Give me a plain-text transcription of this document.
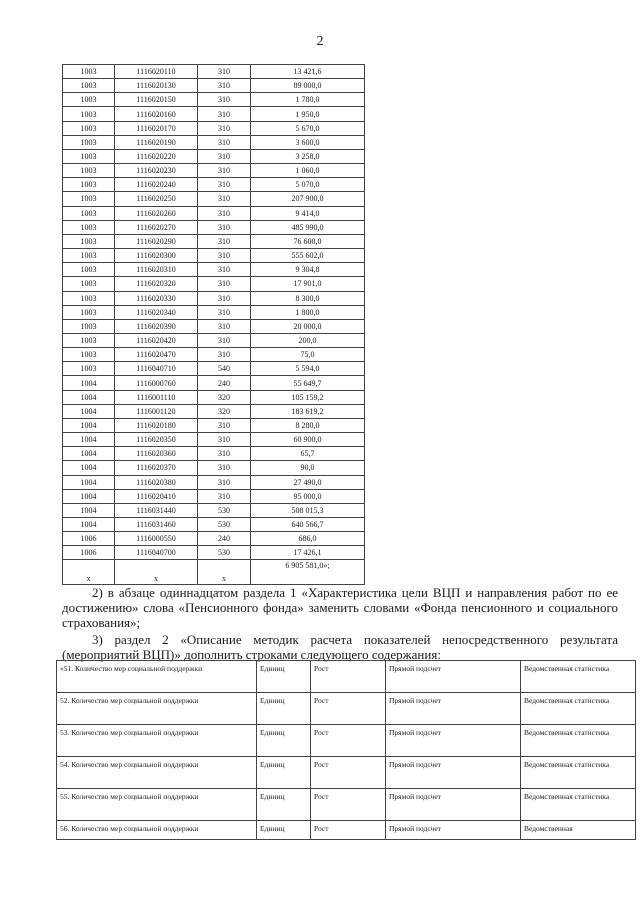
2
1003	1116020110	310	13 421,6
1003	1116020130	310	89 000,0
1003	1116020150	310	1 780,0
1003	1116020160	310	1 950,0
1003	1116020170	310	5 670,0
1003	1116020190	310	3 600,0
1003	1116020220	310	3 258,0
1003	1116020230	310	1 060,0
1003	1116020240	310	5 070,0
1003	1116020250	310	207 900,0
1003	1116020260	310	9 414,0
1003	1116020270	310	485 990,0
1003	1116020290	310	76 600,0
1003	1116020300	310	555 602,0
1003	1116020310	310	9 304,8
1003	1116020320	310	17 901,0
1003	1116020330	310	8 300,0
1003	1116020340	310	1 800,0
1003	1116020390	310	20 000,0
1003	1116020420	310	200,0
1003	1116020470	310	75,0
1003	1116040710	540	5 594,0
1004	1116000760	240	55 649,7
1004	1116001110	320	105 159,2
1004	1116001120	320	183 619,2
1004	1116020180	310	8 280,0
1004	1116020350	310	60 900,0
1004	1116020360	310	65,7
1004	1116020370	310	90,0
1004	1116020380	310	27 490,0
1004	1116020410	310	95 000,0
1004	1116031440	530	508 015,3
1004	1116031460	530	640 566,7
1006	1116000550	240	686,0
1006	1116040700	530	17 426,1
x	x	x	6 905 581,0»;
2) в абзаце одиннадцатом раздела 1 «Характеристика цели ВЦП и направления работ по ее достижению» слова «Пенсионного фонда» заменить словами «Фонда пенсионного и социального страхования»;
3) раздел 2 «Описание методик расчета показателей непосредственного результата (мероприятий ВЦП)» дополнить строками следующего содержания:
«51. Количество мер социальной поддержки	Единиц	Рост	Прямой подсчет	Ведомственная статистика
52. Количество мер социальной поддержки	Единиц	Рост	Прямой подсчет	Ведомственная статистика
53. Количество мер социальной поддержки	Единиц	Рост	Прямой подсчет	Ведомственная статистика
54. Количество мер социальной поддержки	Единиц	Рост	Прямой подсчет	Ведомственная статистика
55. Количество мер социальной поддержки	Единиц	Рост	Прямой подсчет	Ведомственная статистика
56. Количество мер социальной поддержки	Единиц	Рост	Прямой подсчет	Ведомственная
